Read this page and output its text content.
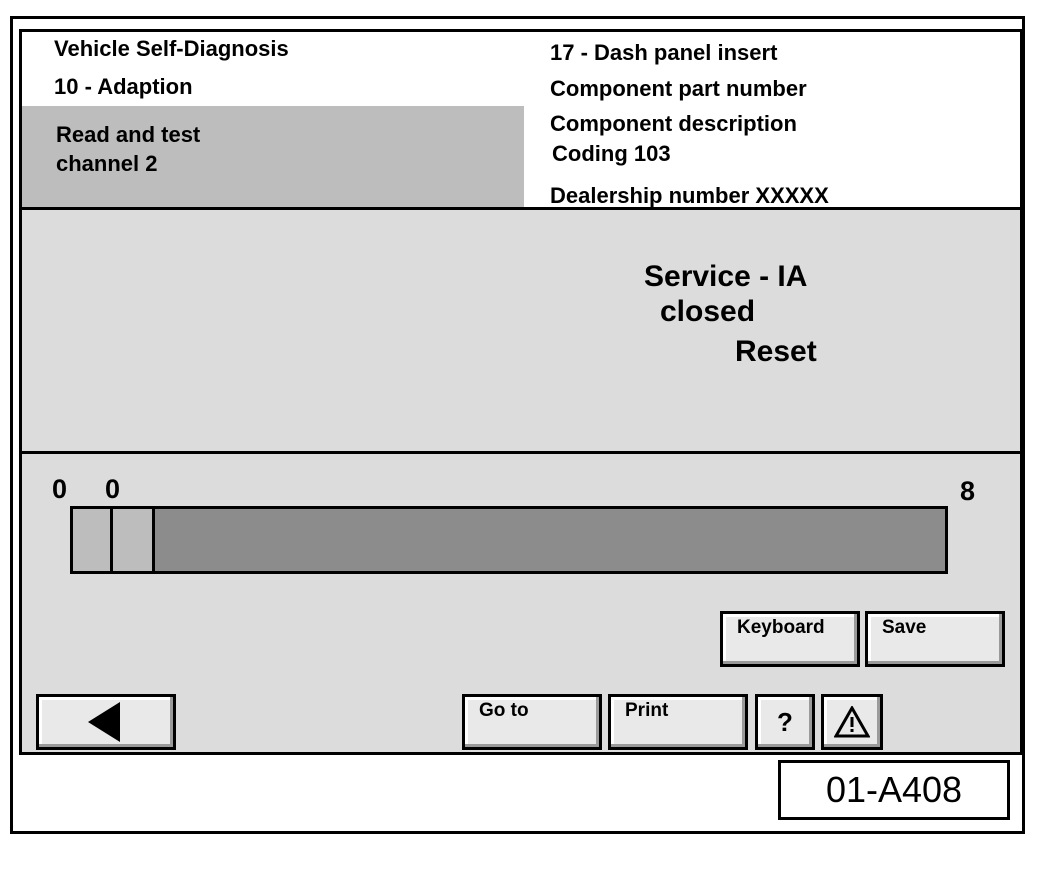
Vehicle Self-Diagnosis
10 - Adaption
Read and test
channel 2
17 - Dash panel insert
Component part number
Component description
Coding 103
Dealership number XXXXX
Service - IA
closed
Reset
0 0	8
Keyboard	Save
Go to	Print	?
01-A408
